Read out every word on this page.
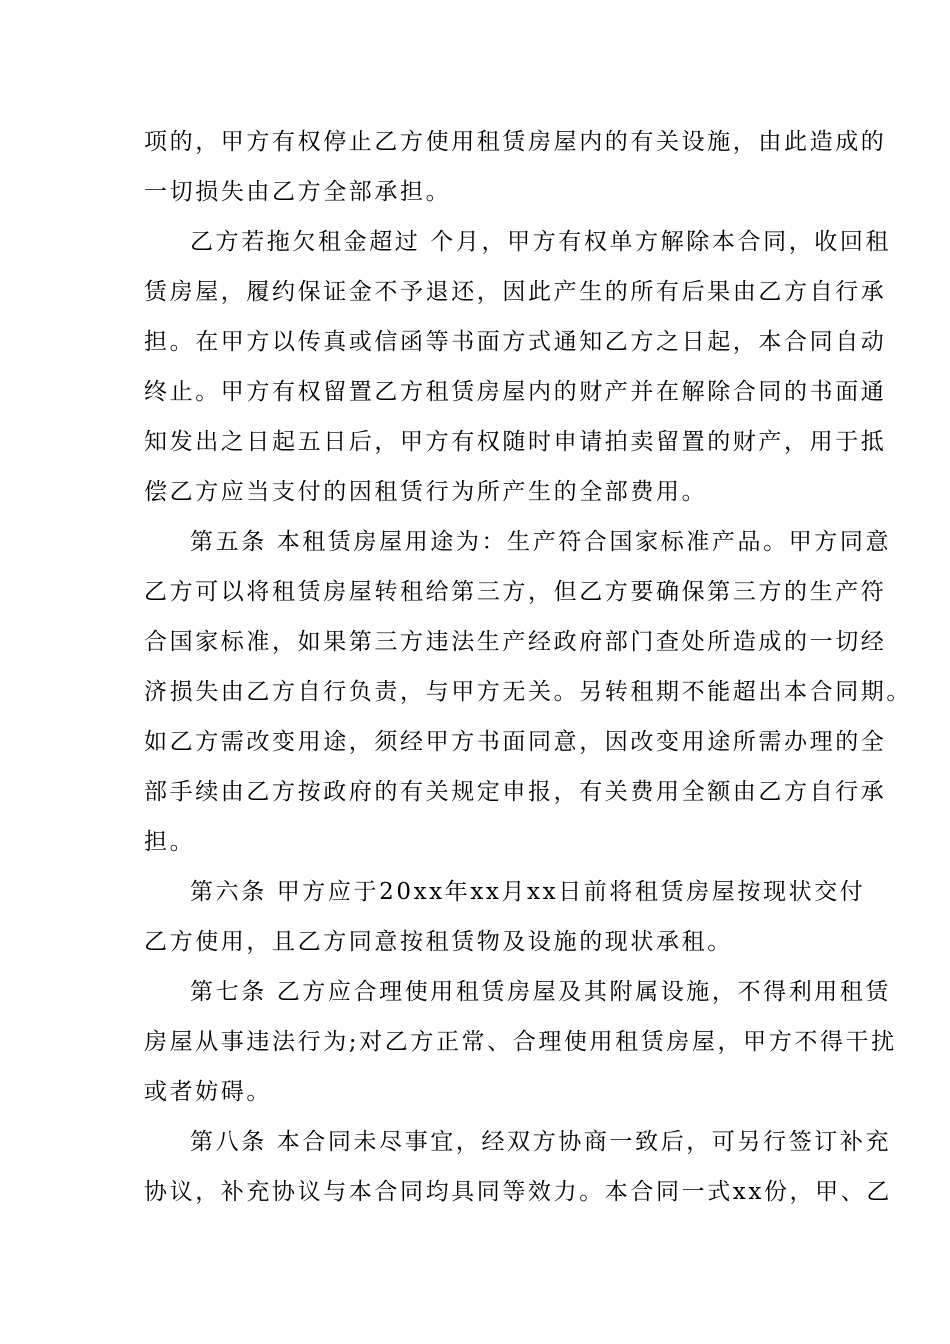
项的，甲方有权停止乙方使用租赁房屋内的有关设施，由此造成的
一切损失由乙方全部承担。
乙方若拖欠租金超过 个月，甲方有权单方解除本合同，收回租
赁房屋，履约保证金不予退还，因此产生的所有后果由乙方自行承
担。在甲方以传真或信函等书面方式通知乙方之日起，本合同自动
终止。甲方有权留置乙方租赁房屋内的财产并在解除合同的书面通
知发出之日起五日后，甲方有权随时申请拍卖留置的财产，用于抵
偿乙方应当支付的因租赁行为所产生的全部费用。
第五条 本租赁房屋用途为：生产符合国家标准产品。甲方同意
乙方可以将租赁房屋转租给第三方，但乙方要确保第三方的生产符
合国家标准，如果第三方违法生产经政府部门查处所造成的一切经
济损失由乙方自行负责，与甲方无关。另转租期不能超出本合同期。
如乙方需改变用途，须经甲方书面同意，因改变用途所需办理的全
部手续由乙方按政府的有关规定申报，有关费用全额由乙方自行承
担。
第六条 甲方应于20xx年xx月xx日前将租赁房屋按现状交付
乙方使用，且乙方同意按租赁物及设施的现状承租。
第七条 乙方应合理使用租赁房屋及其附属设施，不得利用租赁
房屋从事违法行为;对乙方正常、合理使用租赁房屋，甲方不得干扰
或者妨碍。
第八条 本合同未尽事宜，经双方协商一致后，可另行签订补充
协议，补充协议与本合同均具同等效力。本合同一式xx份，甲、乙
